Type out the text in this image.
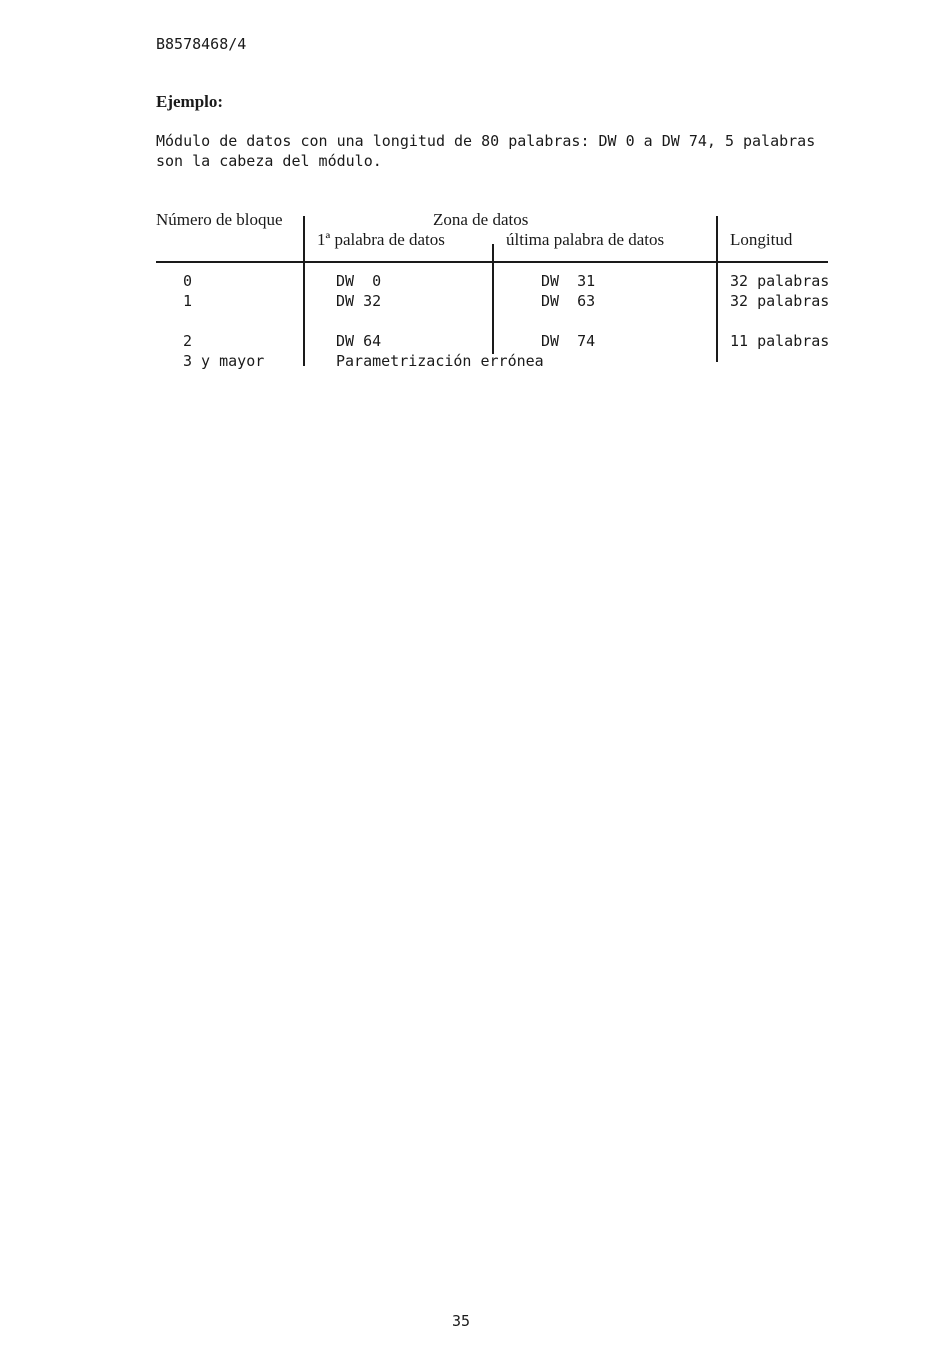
B8578468/4
Ejemplo:
Módulo de datos con una longitud de 80 palabras: DW 0 a DW 74, 5 palabras
son la cabeza del módulo.
Número de bloque	Zona de datos
1ª palabra de datos	última palabra de datos	Longitud
0	DW  0	DW  31	32 palabras
1	DW 32	DW  63	32 palabras
2	DW 64	DW  74	11 palabras
3 y mayor	Parametrización errónea
35
